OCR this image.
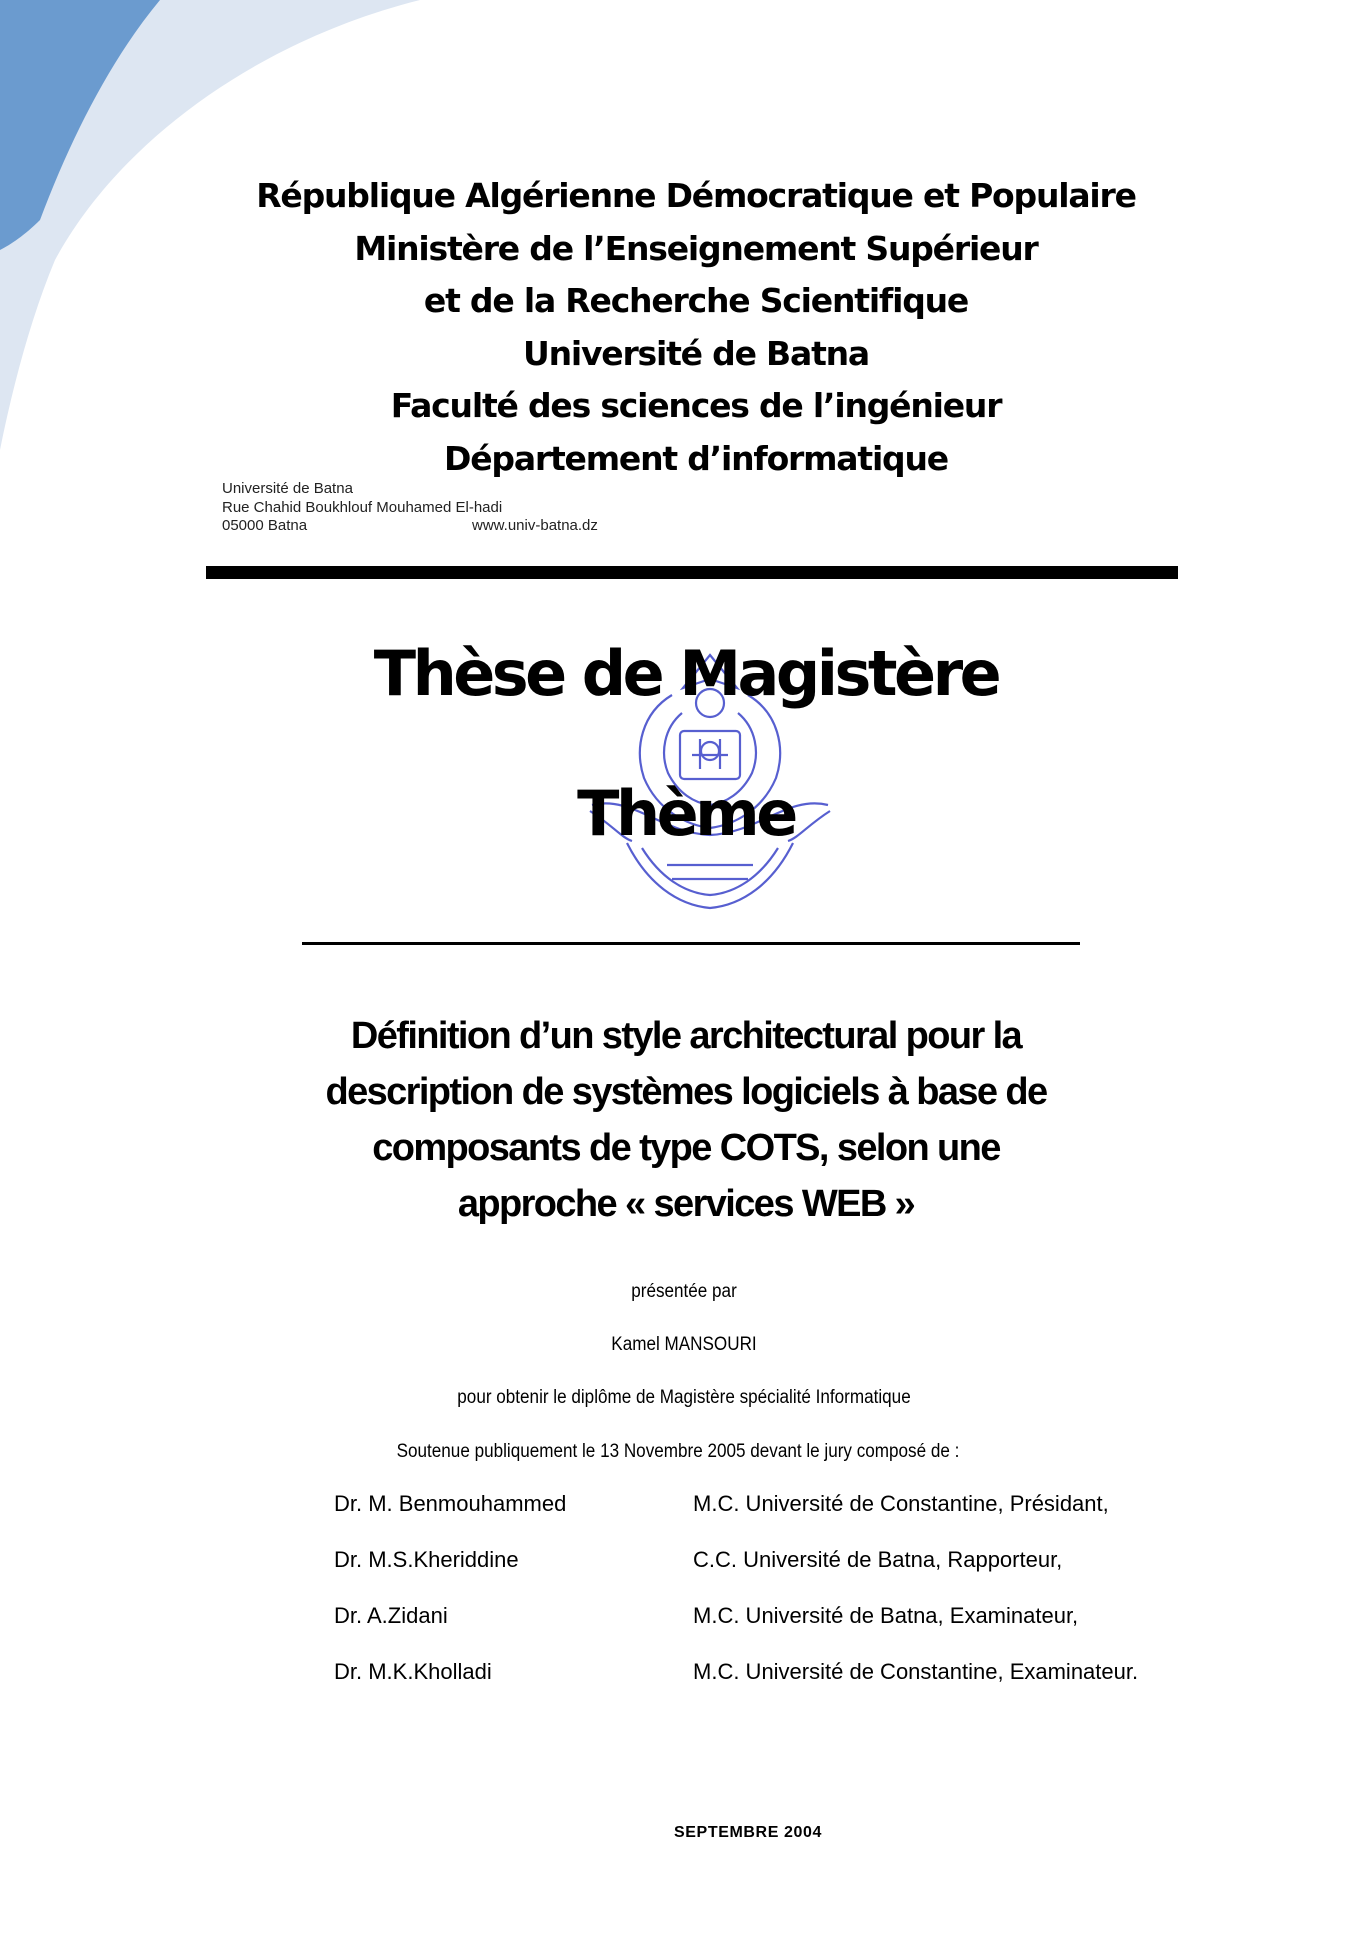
République Algérienne Démocratique et Populaire
Ministère de l’Enseignement Supérieur
et de la Recherche Scientifique
Université de Batna
Faculté des sciences de l’ingénieur
Département d’informatique
Université de Batna
Rue Chahid Boukhlouf Mouhamed El-hadi
05000 Batna	www.univ-batna.dz
Thèse de Magistère
Thème
Définition d’un style architectural pour la
description de systèmes logiciels à base de
composants de type COTS, selon une
approche « services WEB »
présentée par
Kamel MANSOURI
pour obtenir le diplôme de Magistère spécialité Informatique
Soutenue publiquement le 13 Novembre 2005 devant le jury composé de :
Dr. M. Benmouhammed	M.C. Université de Constantine, Présidant,
Dr. M.S.Kheriddine	C.C. Université de Batna, Rapporteur,
Dr. A.Zidani	M.C. Université de Batna, Examinateur,
Dr. M.K.Kholladi	M.C. Université de Constantine, Examinateur.
SEPTEMBRE 2004
